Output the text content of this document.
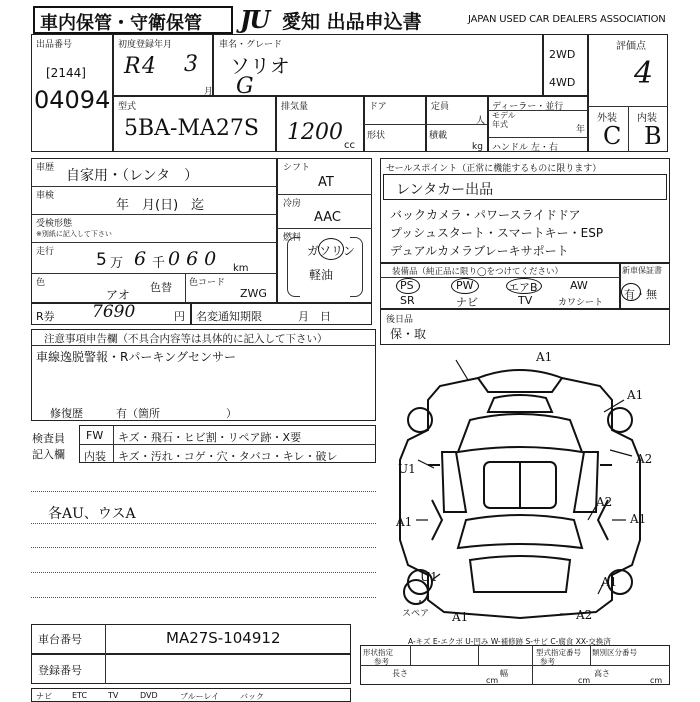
車内保管・守衛保管 JU 愛知 出品申込書	JAPAN USED CAR DEALERS ASSOCIATION
出品番号
[2144]
04094
初度登録年月
R 4 3
月
車名・グレード
ソリオ
G
2WD
4WD
評価点
4
外装 内装
C B
型式
5BA-MA27S
排気量
1200
cc
ドア
形状
定員
人
積載
kg
ディーラー・並行
モデル
年式
年
ハンドル 左・右
車歴 自家用・（レンタ　）
車検
年　月(日)　迄
受検形態
※別紙に記入して下さい
走行 5 万 6 千 060 km
色
アオ
色替 色コード
ZWG
シフト
AT
冷房
AAC
燃料
ガソリン
軽油
セールスポイント（正常に機能するものに限ります）
レンタカー出品
バックカメラ・パワースライドドア
プッシュスタート・スマートキー・ESP
デュアルカメラブレーキサポート
装備品（純正品に限り◯をつけてください）
PS	PW	エアB	AW
SR	ナビ	TV	カワシート
新車保証書
有・無
後日品
保・取
R券 7690	円 名変通知期限	月　日
注意事項申告欄（不具合内容等は具体的に記入して下さい）
車線逸脱警報・Rパーキングセンサー
修復歴	有（箇所　　　　　　）
検査員
記入欄
FW キズ・飛石・ヒビ割・リペア跡・X要
内装 キズ・汚れ・コゲ・穴・タバコ・キレ・破レ
各AU、ウスA
A1
A1
A2
U1
A2
A1
A1
U1
A1
A1
A2
スペア
A-キズ E-エクボ U-凹み W-補修跡 S-サビ C-腐食 XX-交換済
車台番号	MA27S-104912
登録番号
形状指定
参考
型式指定番号 類別区分番号
参考
長さ
cm
幅
cm
高さ
cm
ナビ	ETC	TV	DVD	ブルーレイ	バック
